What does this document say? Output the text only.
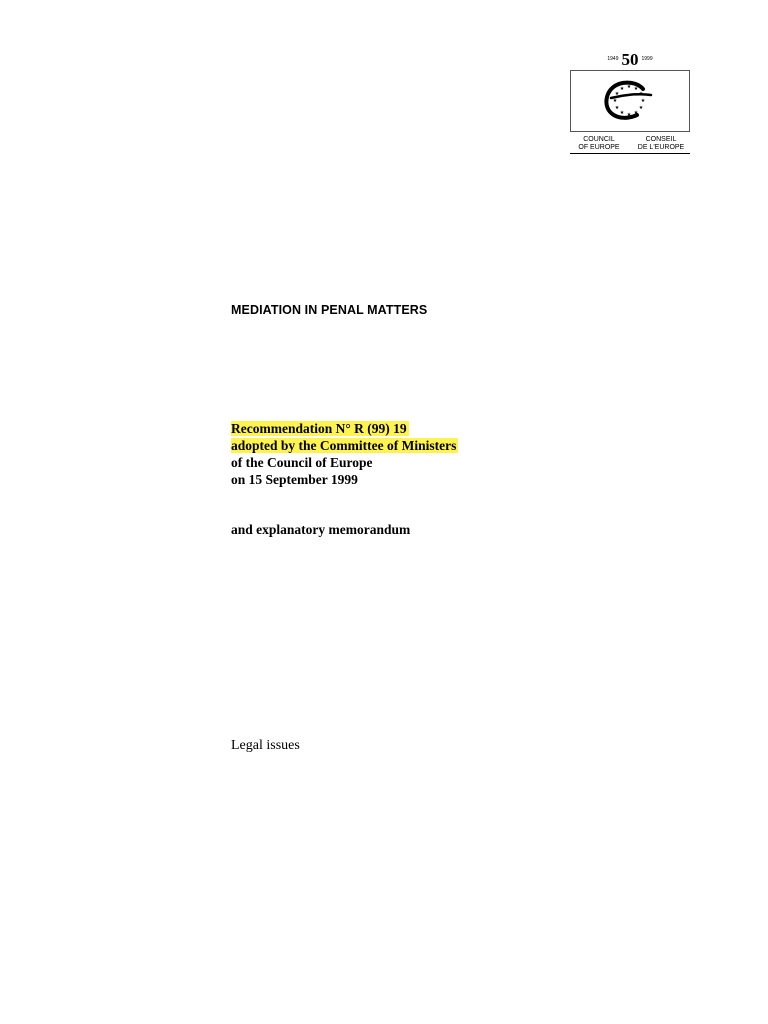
1949 50 1999
★ ★
★
★
★
★
★
★
★
★
★
★
COUNCIL
OF EUROPE
CONSEIL
DE L'EUROPE
MEDIATION IN PENAL MATTERS
Recommendation N° R (99) 19
adopted by the Committee of Ministers
of the Council of Europe
on 15 September 1999
and explanatory memorandum
Legal issues
